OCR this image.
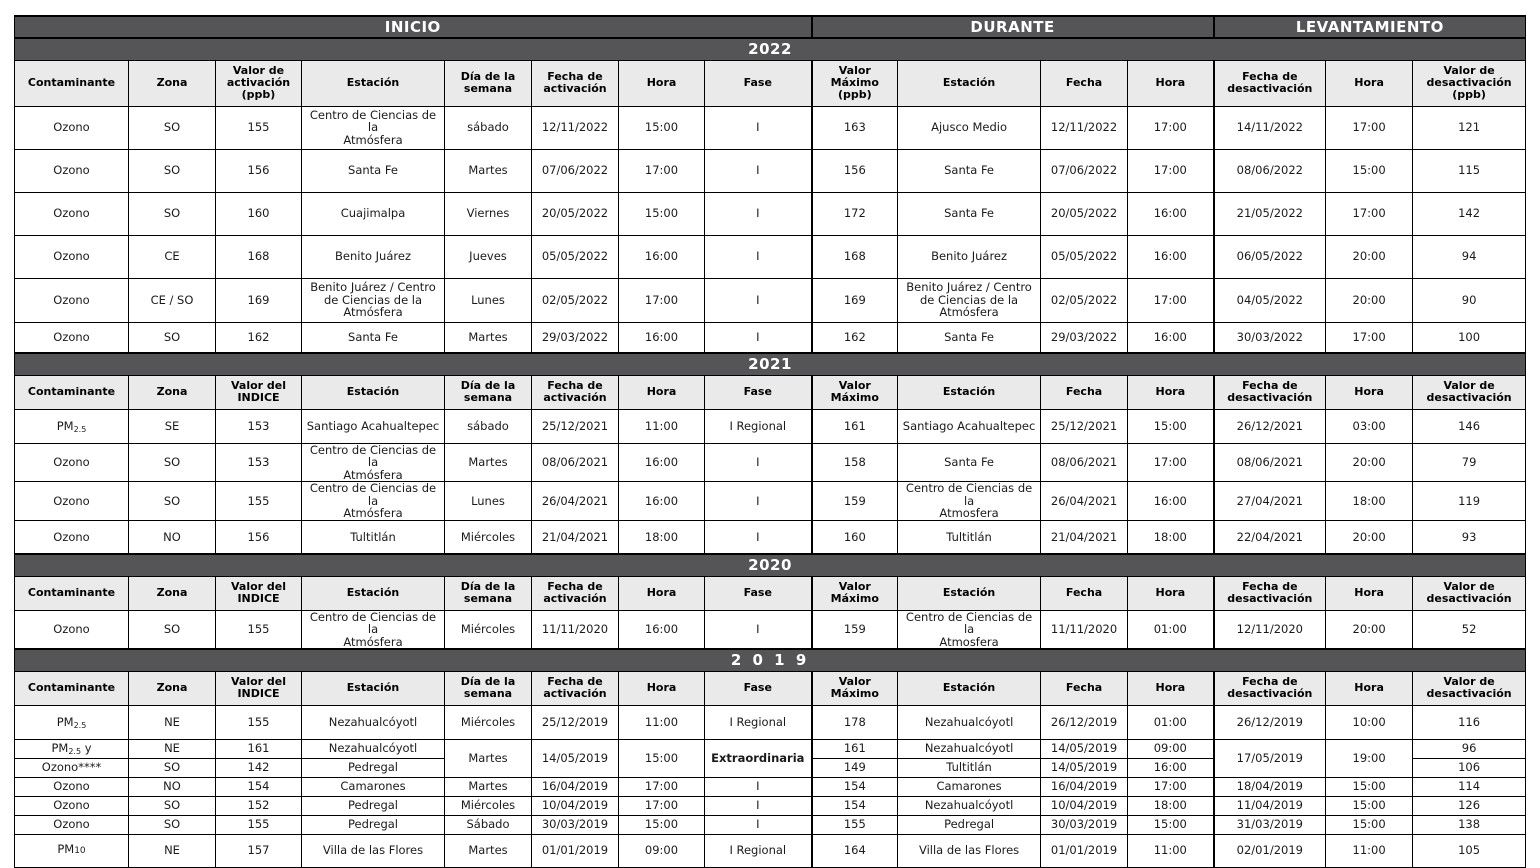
INICIO								DURANTE				LEVANTAMIENTO		
2022														
Contaminante	Zona	Valor de
activación
(ppb)	Estación	Día de la
semana	Fecha de
activación	Hora	Fase	Valor Máximo
(ppb)	Estación	Fecha	Hora	Fecha de
desactivación	Hora	Valor de
desactivación
(ppb)
Ozono	SO	155	Centro de Ciencias de la
Atmósfera	sábado	12/11/2022	15:00	I	163	Ajusco Medio	12/11/2022	17:00	14/11/2022	17:00	121
Ozono	SO	156	Santa Fe	Martes	07/06/2022	17:00	I	156	Santa Fe	07/06/2022	17:00	08/06/2022	15:00	115
Ozono	SO	160	Cuajimalpa	Viernes	20/05/2022	15:00	I	172	Santa Fe	20/05/2022	16:00	21/05/2022	17:00	142
Ozono	CE	168	Benito Juárez	Jueves	05/05/2022	16:00	I	168	Benito Juárez	05/05/2022	16:00	06/05/2022	20:00	94
Ozono	CE / SO	169	Benito Juárez / Centro
de Ciencias de la
Atmósfera	Lunes	02/05/2022	17:00	I	169	Benito Juárez / Centro
de Ciencias de la
Atmósfera	02/05/2022	17:00	04/05/2022	20:00	90
Ozono	SO	162	Santa Fe	Martes	29/03/2022	16:00	I	162	Santa Fe	29/03/2022	16:00	30/03/2022	17:00	100
2021														
Contaminante	Zona	Valor del
INDICE	Estación	Día de la
semana	Fecha de
activación	Hora	Fase	Valor Máximo	Estación	Fecha	Hora	Fecha de
desactivación	Hora	Valor de
desactivación
$PM_{2.5}$	SE	153	Santiago Acahualtepec	sábado	25/12/2021	11:00	I Regional	161	Santiago Acahualtepec	25/12/2021	15:00	26/12/2021	03:00	146
Ozono	SO	153	Centro de Ciencias de la
Atmósfera	Martes	08/06/2021	16:00	I	158	Santa Fe	08/06/2021	17:00	08/06/2021	20:00	79
Ozono	SO	155	Centro de Ciencias de la
Atmósfera	Lunes	26/04/2021	16:00	I	159	Centro de Ciencias de la
Atmosfera	26/04/2021	16:00	27/04/2021	18:00	119
Ozono	NO	156	Tultitlán	Miércoles	21/04/2021	18:00	I	160	Tultitlán	21/04/2021	18:00	22/04/2021	20:00	93
2020														
Contaminante	Zona	Valor del
INDICE	Estación	Día de la
semana	Fecha de
activación	Hora	Fase	Valor Máximo	Estación	Fecha	Hora	Fecha de
desactivación	Hora	Valor de
desactivación
Ozono	SO	155	Centro de Ciencias de la
Atmósfera	Miércoles	11/11/2020	16:00	I	159	Centro de Ciencias de la
Atmosfera	11/11/2020	01:00	12/11/2020	20:00	52
2 0 1 9														
Contaminante	Zona	Valor del
INDICE	Estación	Día de la
semana	Fecha de
activación	Hora	Fase	Valor Máximo	Estación	Fecha	Hora	Fecha de
desactivación	Hora	Valor de
desactivación
$PM_{2.5}$	NE	155	Nezahualcóyotl	Miércoles	25/12/2019	11:00	I Regional	178	Nezahualcóyotl	26/12/2019	01:00	26/12/2019	10:00	116
$PM_{2.5}$ y	NE	161	Nezahualcóyotl	Martes	14/05/2019	15:00	Extraordinaria	161	Nezahualcóyotl	14/05/2019	09:00	17/05/2019	19:00	96
Ozono****	SO	142	Pedregal					149	Tultitlán	14/05/2019	16:00			106
Ozono	NO	154	Camarones	Martes	16/04/2019	17:00	I	154	Camarones	16/04/2019	17:00	18/04/2019	15:00	114
Ozono	SO	152	Pedregal	Miércoles	10/04/2019	17:00	I	154	Nezahualcóyotl	10/04/2019	18:00	11/04/2019	15:00	126
Ozono	SO	155	Pedregal	Sábado	30/03/2019	15:00	I	155	Pedregal	30/03/2019	15:00	31/03/2019	15:00	138
PM10	NE	157	Villa de las Flores	Martes	01/01/2019	09:00	I Regional	164	Villa de las Flores	01/01/2019	11:00	02/01/2019	11:00	105
